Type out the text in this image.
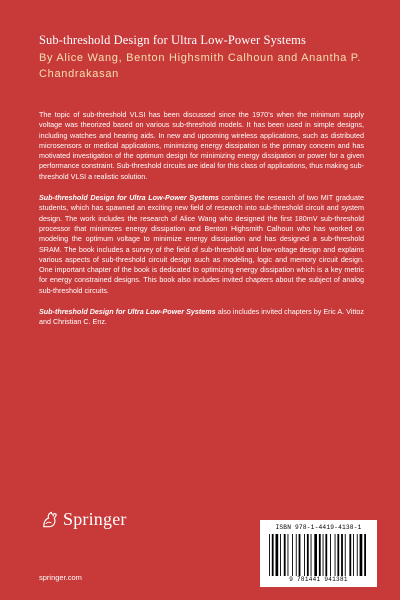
Sub-threshold Design for Ultra Low-Power Systems
By Alice Wang, Benton Highsmith Calhoun and Anantha P. Chandrakasan

The topic of sub-threshold VLSI has been discussed since the 1970’s when the minimum supply voltage was theorized based on various sub-threshold models. It has been used in simple designs, including watches and hearing aids. In new and upcoming wireless applications, such as distributed microsensors or medical applications, minimizing energy dissipation is the primary concern and has motivated investigation of the optimum design for minimizing energy dissipation or power for a given performance constraint. Sub-threshold circuits are ideal for this class of applications, thus making sub-threshold VLSI a realistic solution.

Sub-threshold Design for Ultra Low-Power Systems combines the research of two MIT graduate students, which has spawned an exciting new field of research into sub-threshold circuit and system design. The work includes the research of Alice Wang who designed the first 180mV sub-threshold processor that minimizes energy dissipation and Benton Highsmith Calhoun who has worked on modeling the optimum voltage to minimize energy dissipation and has designed a sub-threshold SRAM. The book includes a survey of the field of sub-threshold and low-voltage design and explains various aspects of sub-threshold circuit design such as modeling, logic and memory circuit design. One important chapter of the book is dedicated to optimizing energy dissipation which is a key metric for energy constrained designs. This book also includes invited chapters about the subject of analog sub-threshold circuits.

Sub-threshold Design for Ultra Low-Power Systems also includes invited chapters by Eric A. Vittoz and Christian C. Enz.

Springer
springer.com
ISBN 978-1-4419-4138-1
9 781441 941381
